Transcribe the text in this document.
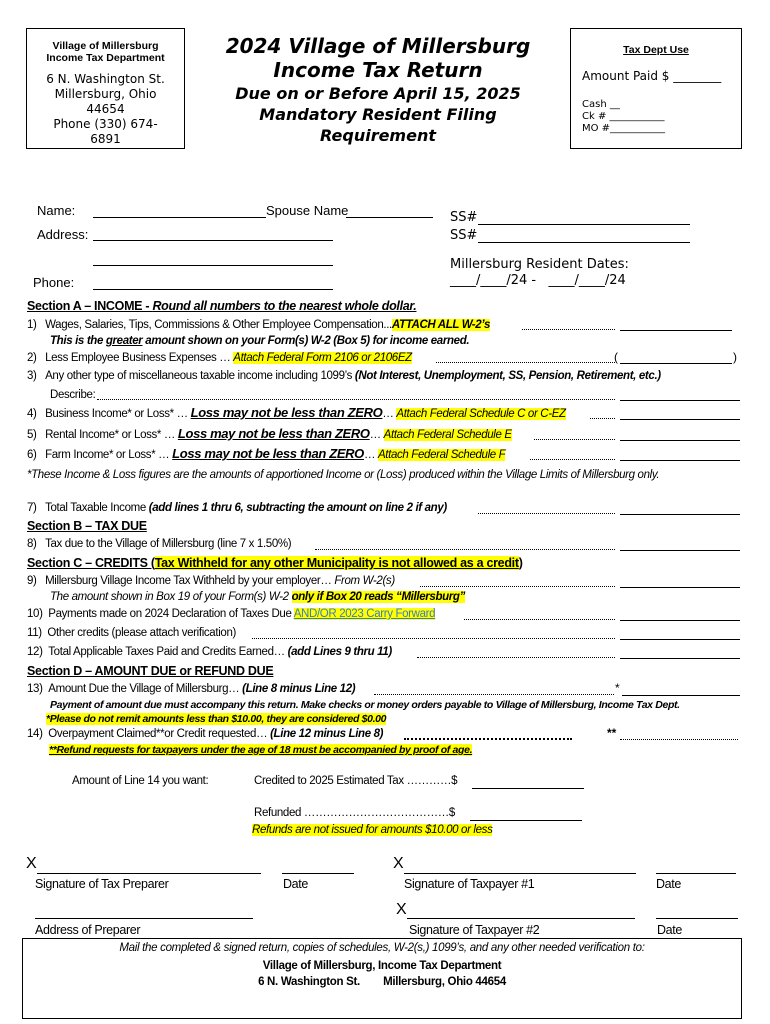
Village of Millersburg
Income Tax Department
6 N. Washington St.
Millersburg, Ohio
44654
Phone (330) 674-
6891
2024 Village of Millersburg
Income Tax Return
Due on or Before April 15, 2025
Mandatory Resident Filing
Requirement
Tax Dept Use
Amount Paid $ ________
Cash __
Ck # ___________
MO #___________
Name:	Spouse Name
Address:
Phone:
SS#
SS#
Millersburg Resident Dates:
____/____/24 -   ____/____/24
Section A – INCOME - Round all numbers to the nearest whole dollar.
1) Wages, Salaries, Tips, Commissions & Other Employee Compensation...ATTACH ALL W-2’s
This is the greater amount shown on your Form(s) W-2 (Box 5) for income earned.
2) Less Employee Business Expenses … Attach Federal Form 2106 or 2106EZ	(	)
3) Any other type of miscellaneous taxable income including 1099’s (Not Interest, Unemployment, SS, Pension, Retirement, etc.)
Describe:
4) Business Income* or Loss* … Loss may not be less than ZERO… Attach Federal Schedule C or C-EZ
5) Rental Income* or Loss* … Loss may not be less than ZERO… Attach Federal Schedule E
6) Farm Income* or Loss* … Loss may not be less than ZERO… Attach Federal Schedule F
*These Income & Loss figures are the amounts of apportioned Income or (Loss) produced within the Village Limits of Millersburg only.
7) Total Taxable Income (add lines 1 thru 6, subtracting the amount on line 2 if any)
Section B – TAX DUE
8) Tax due to the Village of Millersburg (line 7 x 1.50%)
Section C – CREDITS (Tax Withheld for any other Municipality is not allowed as a credit)
9) Millersburg Village Income Tax Withheld by your employer… From W-2(s)
The amount shown in Box 19 of your Form(s) W-2 only if Box 20 reads “Millersburg”
10) Payments made on 2024 Declaration of Taxes Due AND/OR 2023 Carry Forward
11) Other credits (please attach verification)
12) Total Applicable Taxes Paid and Credits Earned… (add Lines 9 thru 11)
Section D – AMOUNT DUE or REFUND DUE
13) Amount Due the Village of Millersburg… (Line 8 minus Line 12)	*
Payment of amount due must accompany this return. Make checks or money orders payable to Village of Millersburg, Income Tax Dept.
*Please do not remit amounts less than $10.00, they are considered $0.00
14) Overpayment Claimed**or Credit requested… (Line 12 minus Line 8)	**
**Refund requests for taxpayers under the age of 18 must be accompanied by proof of age.
Amount of Line 14 you want:	Credited to 2025 Estimated Tax …………$
Refunded …………………………………$
Refunds are not issued for amounts $10.00 or less
X	X
Signature of Tax Preparer	Date	Signature of Taxpayer #1	Date
X
Address of Preparer	Signature of Taxpayer #2	Date
Mail the completed & signed return, copies of schedules, W-2(s,) 1099’s, and any other needed verification to:
Village of Millersburg, Income Tax Department
6 N. Washington St. Millersburg, Ohio 44654
